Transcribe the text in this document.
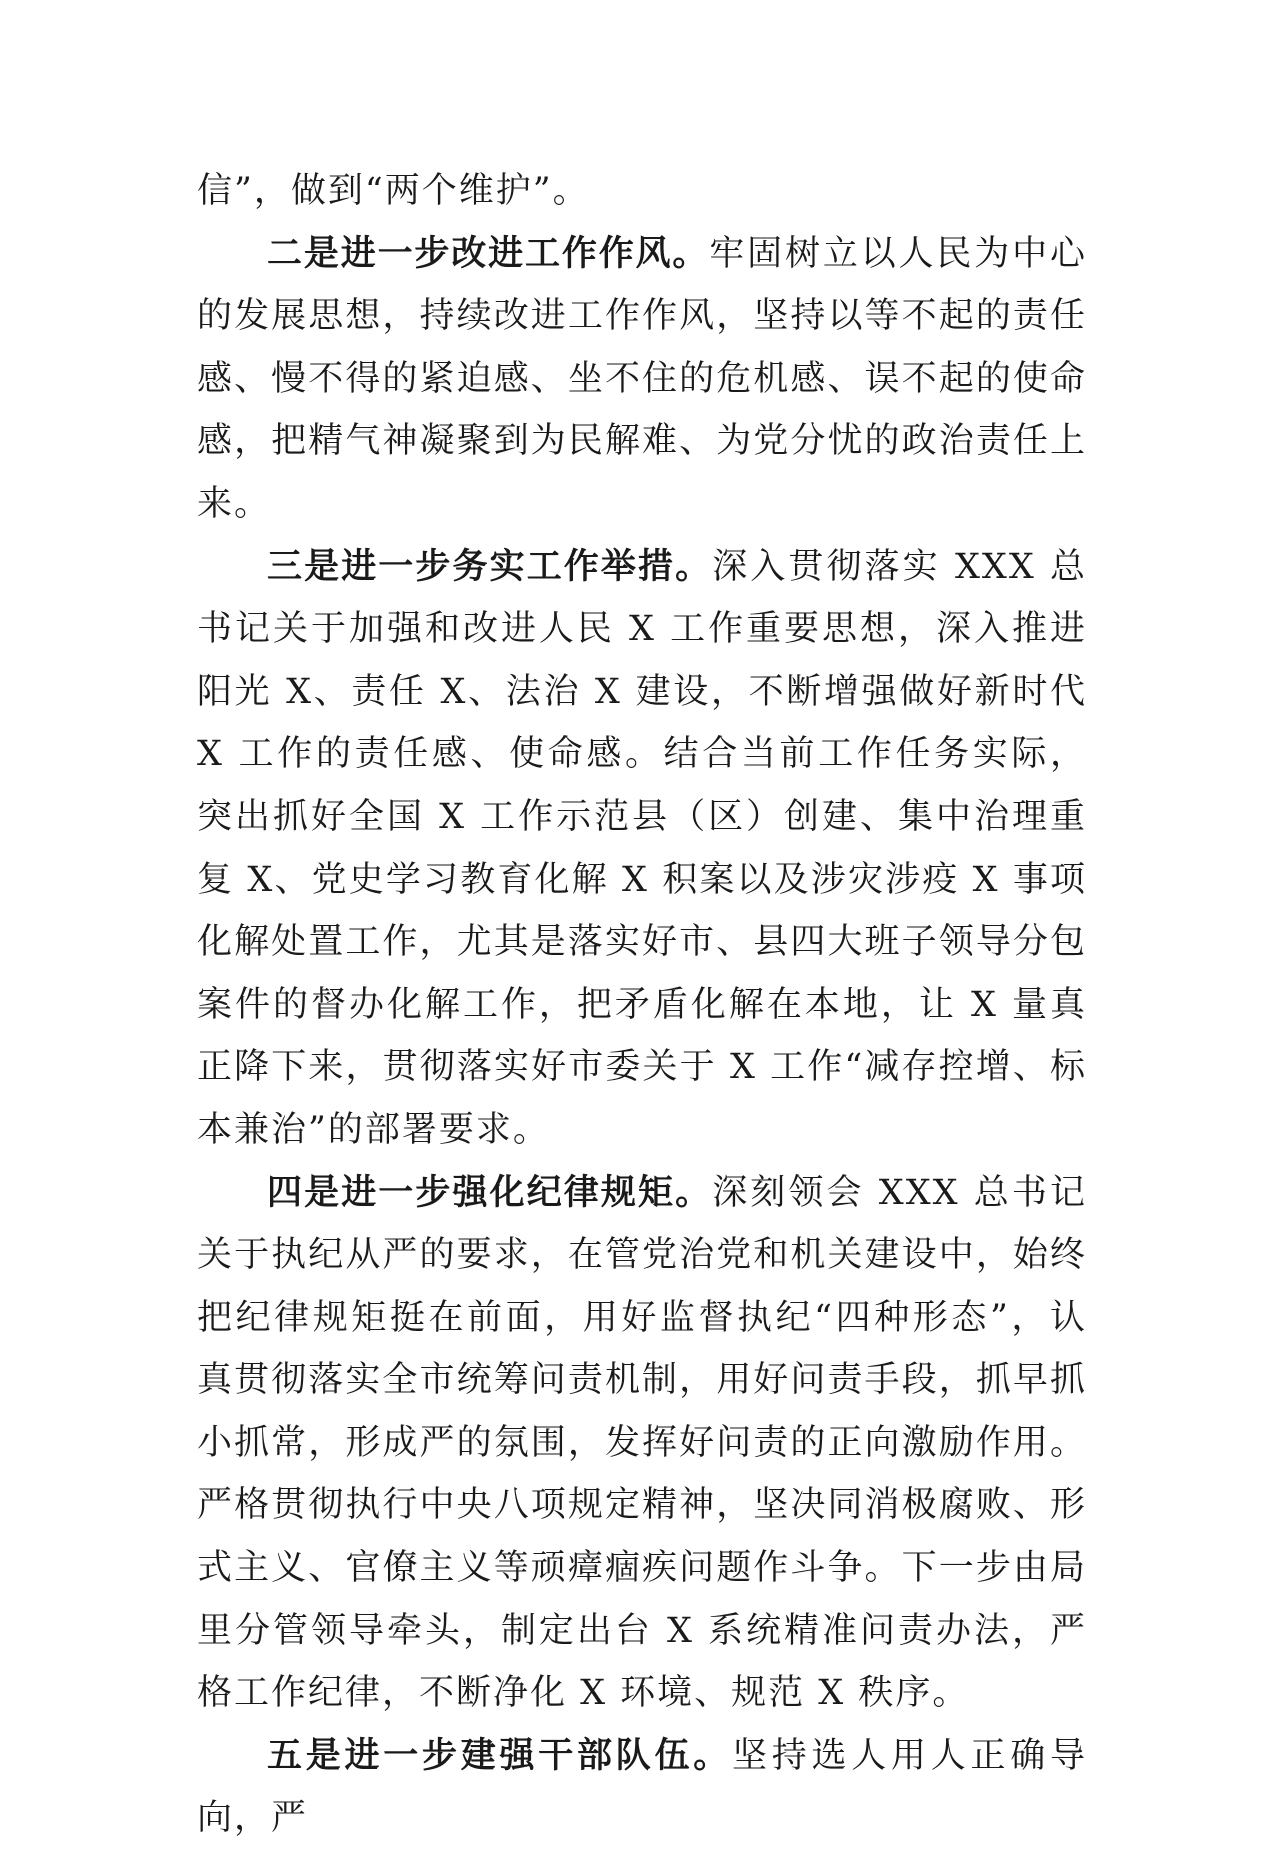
信”，做到“两个维护”。

二是进一步改进工作作风。牢固树立以人民为中心的发展思想，持续改进工作作风，坚持以等不起的责任感、慢不得的紧迫感、坐不住的危机感、误不起的使命感，把精气神凝聚到为民解难、为党分忧的政治责任上来。

三是进一步务实工作举措。深入贯彻落实 XXX 总书记关于加强和改进人民 X 工作重要思想，深入推进阳光 X、责任 X、法治 X 建设，不断增强做好新时代 X 工作的责任感、使命感。结合当前工作任务实际，突出抓好全国 X 工作示范县（区）创建、集中治理重复 X、党史学习教育化解 X 积案以及涉灾涉疫 X 事项化解处置工作，尤其是落实好市、县四大班子领导分包案件的督办化解工作，把矛盾化解在本地，让 X 量真正降下来，贯彻落实好市委关于 X 工作“减存控增、标本兼治”的部署要求。

四是进一步强化纪律规矩。深刻领会 XXX 总书记关于执纪从严的要求，在管党治党和机关建设中，始终把纪律规矩挺在前面，用好监督执纪“四种形态”，认真贯彻落实全市统筹问责机制，用好问责手段，抓早抓小抓常，形成严的氛围，发挥好问责的正向激励作用。严格贯彻执行中央八项规定精神，坚决同消极腐败、形式主义、官僚主义等顽瘴痼疾问题作斗争。下一步由局里分管领导牵头，制定出台 X 系统精准问责办法，严格工作纪律，不断净化 X 环境、规范 X 秩序。

五是进一步建强干部队伍。坚持选人用人正确导向，严
